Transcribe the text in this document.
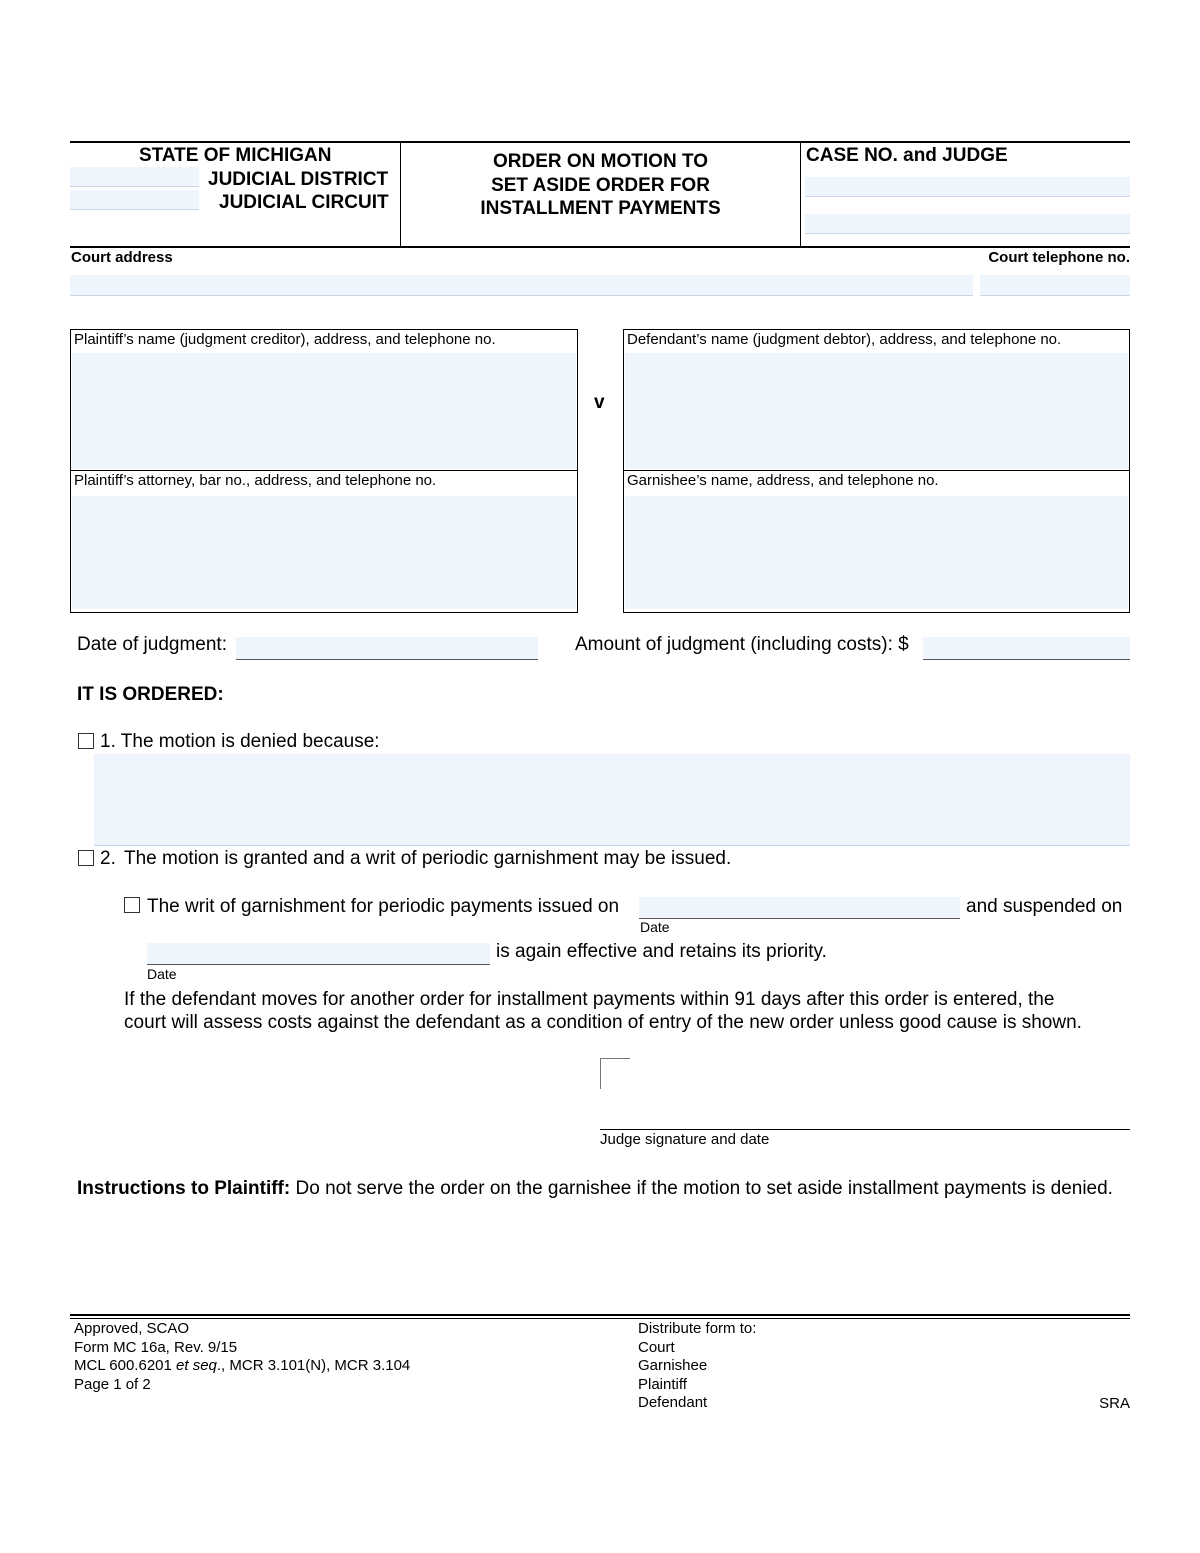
STATE OF MICHIGAN
JUDICIAL DISTRICT
JUDICIAL CIRCUIT
ORDER ON MOTION TO
SET ASIDE ORDER FOR
INSTALLMENT PAYMENTS
CASE NO. and JUDGE
Court address	Court telephone no.
Plaintiff’s name (judgment creditor), address, and telephone no.
Plaintiff’s attorney, bar no., address, and telephone no.
v
Defendant’s name (judgment debtor), address, and telephone no.
Garnishee’s name, address, and telephone no.
Date of judgment:	Amount of judgment (including costs): $
IT IS ORDERED:
1. The motion is denied because:
2. The motion is granted and a writ of periodic garnishment may be issued.
The writ of garnishment for periodic payments issued on	and suspended on
Date
is again effective and retains its priority.
Date
If the defendant moves for another order for installment payments within 91 days after this order is entered, the
court will assess costs against the defendant as a condition of entry of the new order unless good cause is shown.
Judge signature and date
Instructions to Plaintiff: Do not serve the order on the garnishee if the motion to set aside installment payments is denied.
Approved, SCAO
Form MC 16a, Rev. 9/15
MCL 600.6201 et seq., MCR 3.101(N), MCR 3.104
Page 1 of 2
Distribute form to:
Court
Garnishee
Plaintiff
Defendant	SRA
